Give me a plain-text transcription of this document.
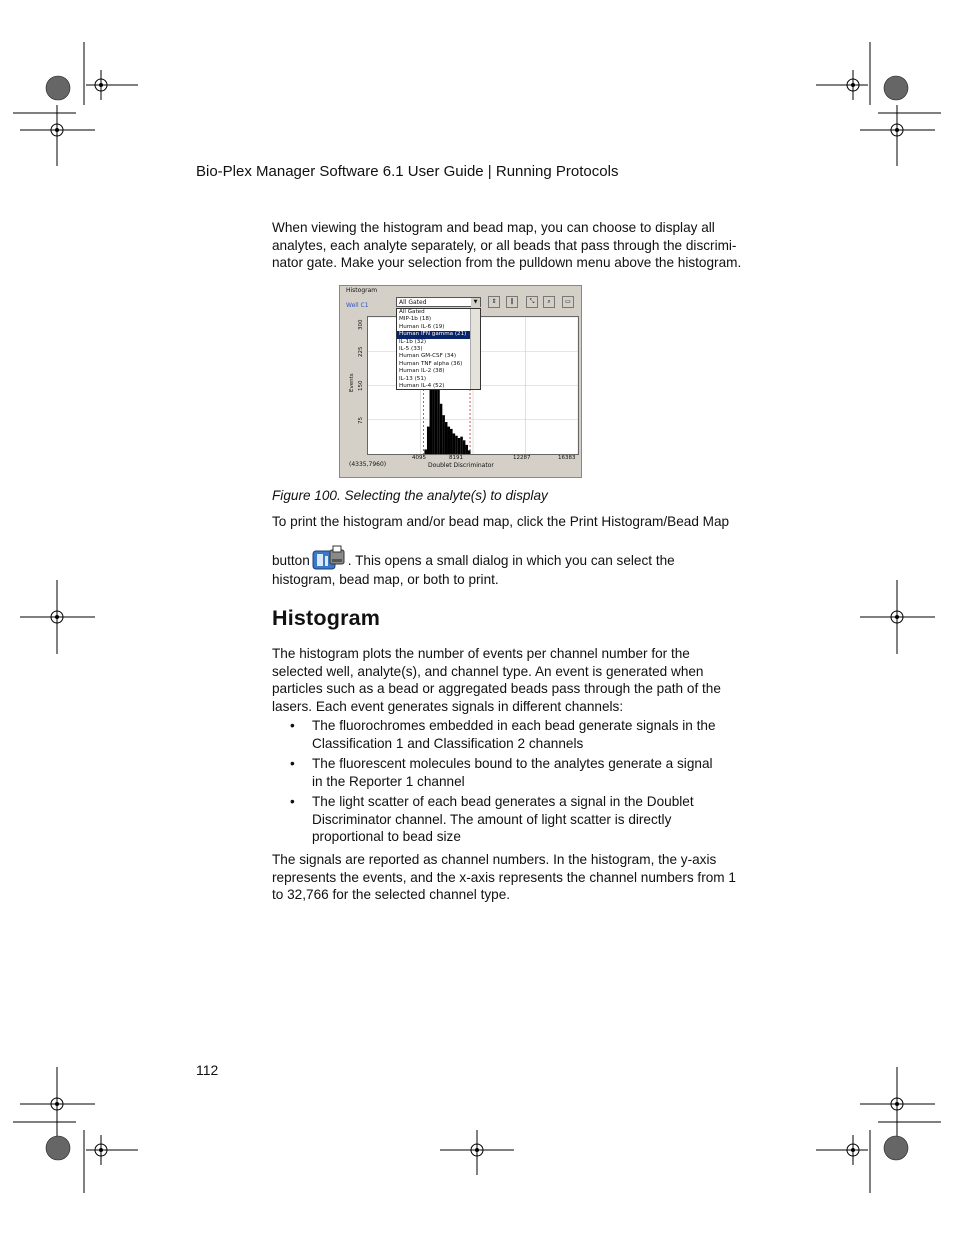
Bio-Plex Manager Software 6.1 User Guide | Running Protocols
When viewing the histogram and bead map, you can choose to display all
analytes, each analyte separately, or all beads that pass through the discrimi-
nator gate. Make your selection from the pulldown menu above the histogram.
Histogram
Well C1
⇕	‖	⤡	⌕	▭
300
225
150
75
Events
4095	8191	12287	16383
Doublet Discriminator
(4335,7960)
All Gated	▼
All Gated
MIP-1b (18)
Human IL-6 (19)
Human IFN gamma (21)
IL-1b (32)
IL-5 (33)
Human GM-CSF (34)
Human TNF alpha (36)
Human IL-2 (38)
IL-13 (51)
Human IL-4 (52)
Figure 100. Selecting the analyte(s) to display
To print the histogram and/or bead map, click the Print Histogram/Bead Map
button	. This opens a small dialog in which you can select the
histogram, bead map, or both to print.
Histogram
The histogram plots the number of events per channel number for the
selected well, analyte(s), and channel type. An event is generated when
particles such as a bead or aggregated beads pass through the path of the
lasers. Each event generates signals in different channels:
•	The fluorochromes embedded in each bead generate signals in the
Classification 1 and Classification 2 channels
•	The fluorescent molecules bound to the analytes generate a signal
in the Reporter 1 channel
•	The light scatter of each bead generates a signal in the Doublet
Discriminator channel. The amount of light scatter is directly
proportional to bead size
The signals are reported as channel numbers. In the histogram, the y-axis
represents the events, and the x-axis represents the channel numbers from 1
to 32,766 for the selected channel type.
112
